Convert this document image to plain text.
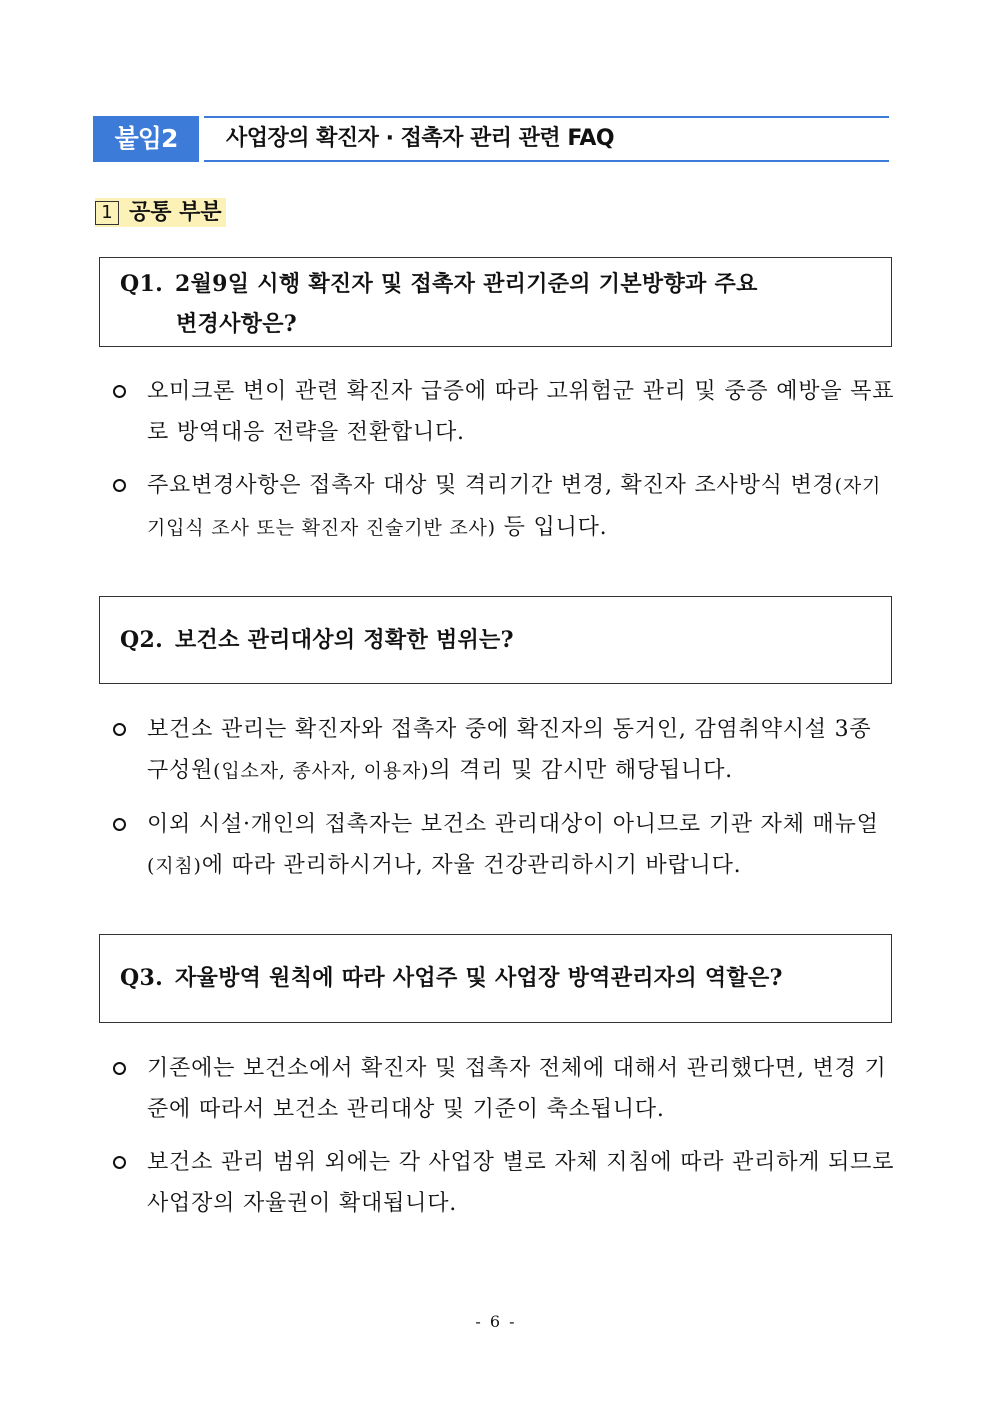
붙임2	사업장의 확진자 · 접촉자 관리 관련 FAQ
1 공통 부분
Q1. 2월9일 시행 확진자 및 접촉자 관리기준의 기본방향과 주요
변경사항은?
오미크론 변이 관련 확진자 급증에 따라 고위험군 관리 및 중증 예방을 목표로 방역대응 전략을 전환합니다.
주요변경사항은 접촉자 대상 및 격리기간 변경, 확진자 조사방식 변경(자기기입식 조사 또는 확진자 진술기반 조사) 등 입니다.
Q2. 보건소 관리대상의 정확한 범위는?
보건소 관리는 확진자와 접촉자 중에 확진자의 동거인, 감염취약시설 3종 구성원(입소자, 종사자, 이용자)의 격리 및 감시만 해당됩니다.
이외 시설·개인의 접촉자는 보건소 관리대상이 아니므로 기관 자체 매뉴얼(지침)에 따라 관리하시거나, 자율 건강관리하시기 바랍니다.
Q3. 자율방역 원칙에 따라 사업주 및 사업장 방역관리자의 역할은?
기존에는 보건소에서 확진자 및 접촉자 전체에 대해서 관리했다면, 변경 기준에 따라서 보건소 관리대상 및 기준이 축소됩니다.
보건소 관리 범위 외에는 각 사업장 별로 자체 지침에 따라 관리하게 되므로 사업장의 자율권이 확대됩니다.
- 6 -
